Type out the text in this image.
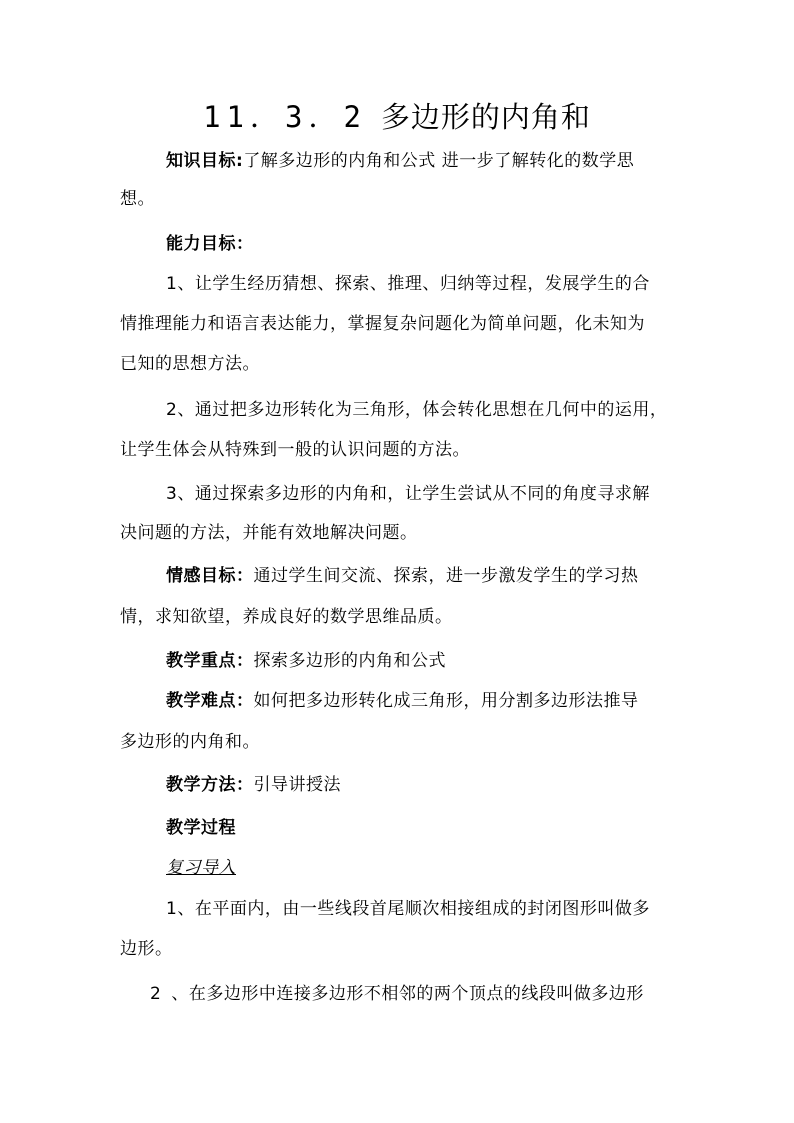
11．3．2 多边形的内角和
知识目标:了解多边形的内角和公式 进一步了解转化的数学思
想。
能力目标：
1、让学生经历猜想、探索、推理、归纳等过程，发展学生的合
情推理能力和语言表达能力，掌握复杂问题化为简单问题，化未知为
已知的思想方法。
2、通过把多边形转化为三角形，体会转化思想在几何中的运用，
让学生体会从特殊到一般的认识问题的方法。
3、通过探索多边形的内角和，让学生尝试从不同的角度寻求解
决问题的方法，并能有效地解决问题。
情感目标：通过学生间交流、探索，进一步激发学生的学习热
情，求知欲望，养成良好的数学思维品质。
教学重点：探索多边形的内角和公式
教学难点：如何把多边形转化成三角形，用分割多边形法推导
多边形的内角和。
教学方法：引导讲授法
教学过程
复习导入
1、在平面内，由一些线段首尾顺次相接组成的封闭图形叫做多
边形。
2 、在多边形中连接多边形不相邻的两个顶点的线段叫做多边形
